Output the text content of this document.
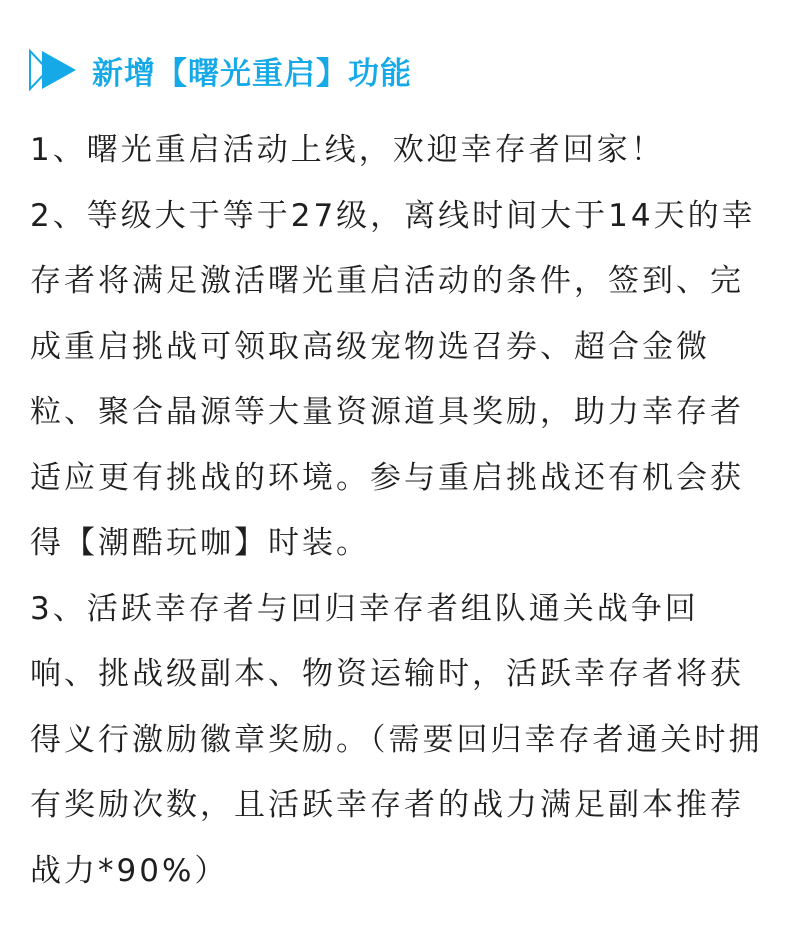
新增【曙光重启】功能

1、曙光重启活动上线，欢迎幸存者回家！

2、等级大于等于27级，离线时间大于14天的幸存者将满足激活曙光重启活动的条件，签到、完成重启挑战可领取高级宠物选召券、超合金微粒、聚合晶源等大量资源道具奖励，助力幸存者适应更有挑战的环境。参与重启挑战还有机会获得【潮酷玩咖】时装。

3、活跃幸存者与回归幸存者组队通关战争回响、挑战级副本、物资运输时，活跃幸存者将获得义行激励徽章奖励。（需要回归幸存者通关时拥有奖励次数，且活跃幸存者的战力满足副本推荐战力*90%）
